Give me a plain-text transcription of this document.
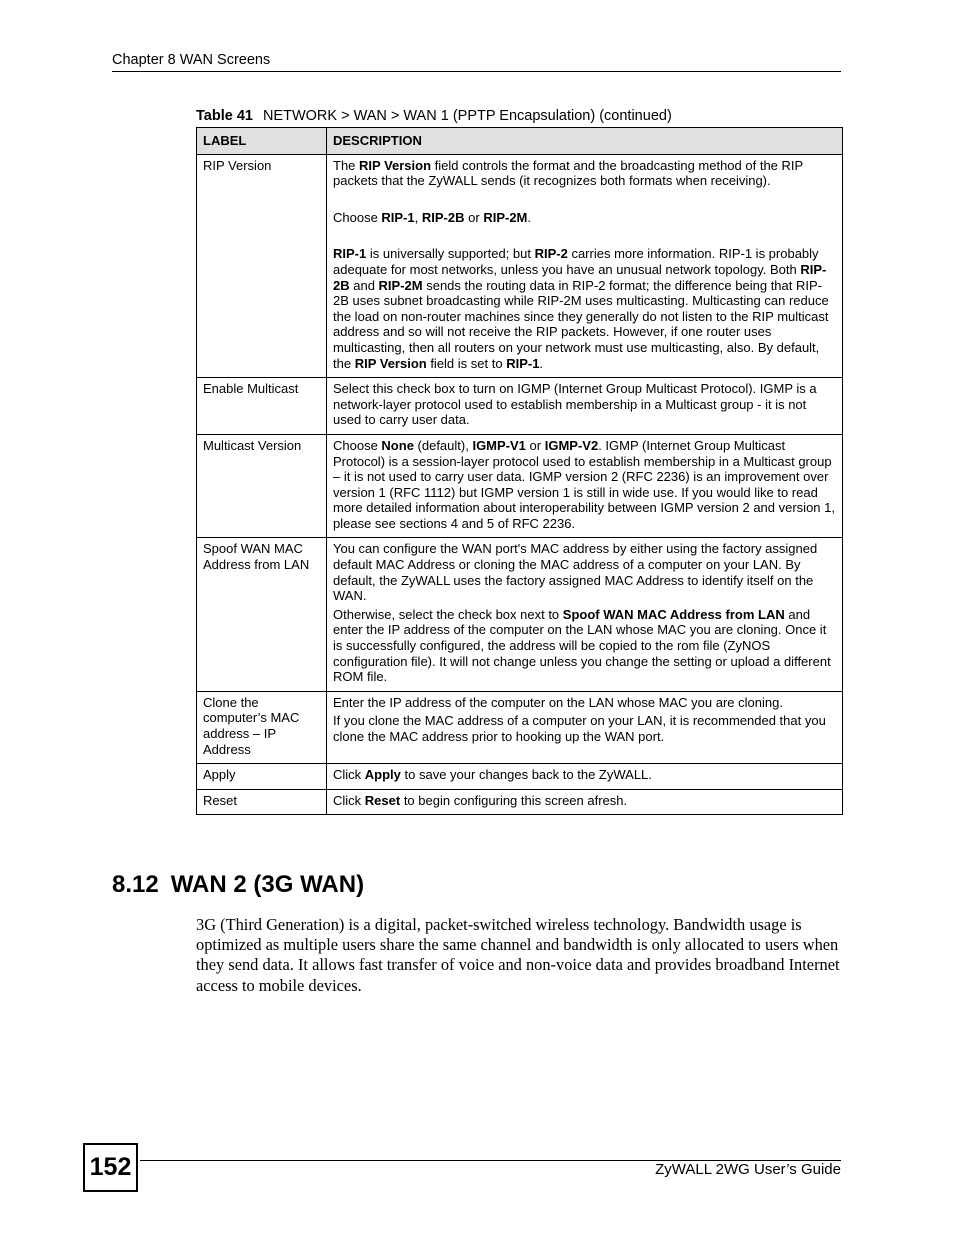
Chapter 8 WAN Screens
Table 41 NETWORK > WAN > WAN 1 (PPTP Encapsulation) (continued)
LABEL	DESCRIPTION
RIP Version	The RIP Version field controls the format and the broadcasting method of the RIP packets that the ZyWALL sends (it recognizes both formats when receiving).

Choose RIP-1, RIP-2B or RIP-2M.

RIP-1 is universally supported; but RIP-2 carries more information. RIP-1 is probably adequate for most networks, unless you have an unusual network topology. Both RIP-2B and RIP-2M sends the routing data in RIP-2 format; the difference being that RIP-2B uses subnet broadcasting while RIP-2M uses multicasting. Multicasting can reduce the load on non-router machines since they generally do not listen to the RIP multicast address and so will not receive the RIP packets. However, if one router uses multicasting, then all routers on your network must use multicasting, also. By default, the RIP Version field is set to RIP-1.

Enable Multicast	Select this check box to turn on IGMP (Internet Group Multicast Protocol). IGMP is a network-layer protocol used to establish membership in a Multicast group - it is not used to carry user data.

Multicast Version	Choose None (default), IGMP-V1 or IGMP-V2. IGMP (Internet Group Multicast Protocol) is a session-layer protocol used to establish membership in a Multicast group – it is not used to carry user data. IGMP version 2 (RFC 2236) is an improvement over version 1 (RFC 1112) but IGMP version 1 is still in wide use. If you would like to read more detailed information about interoperability between IGMP version 2 and version 1, please see sections 4 and 5 of RFC 2236.

Spoof WAN MAC Address from LAN	You can configure the WAN port's MAC address by either using the factory assigned default MAC Address or cloning the MAC address of a computer on your LAN. By default, the ZyWALL uses the factory assigned MAC Address to identify itself on the WAN.

Otherwise, select the check box next to Spoof WAN MAC Address from LAN and enter the IP address of the computer on the LAN whose MAC you are cloning. Once it is successfully configured, the address will be copied to the rom file (ZyNOS configuration file). It will not change unless you change the setting or upload a different ROM file.

Clone the computer’s MAC address – IP Address	Enter the IP address of the computer on the LAN whose MAC you are cloning.

If you clone the MAC address of a computer on your LAN, it is recommended that you clone the MAC address prior to hooking up the WAN port.

Apply	Click Apply to save your changes back to the ZyWALL.

Reset	Click Reset to begin configuring this screen afresh.

8.12 WAN 2 (3G WAN)

3G (Third Generation) is a digital, packet-switched wireless technology. Bandwidth usage is optimized as multiple users share the same channel and bandwidth is only allocated to users when they send data. It allows fast transfer of voice and non-voice data and provides broadband Internet access to mobile devices.

152	ZyWALL 2WG User’s Guide
